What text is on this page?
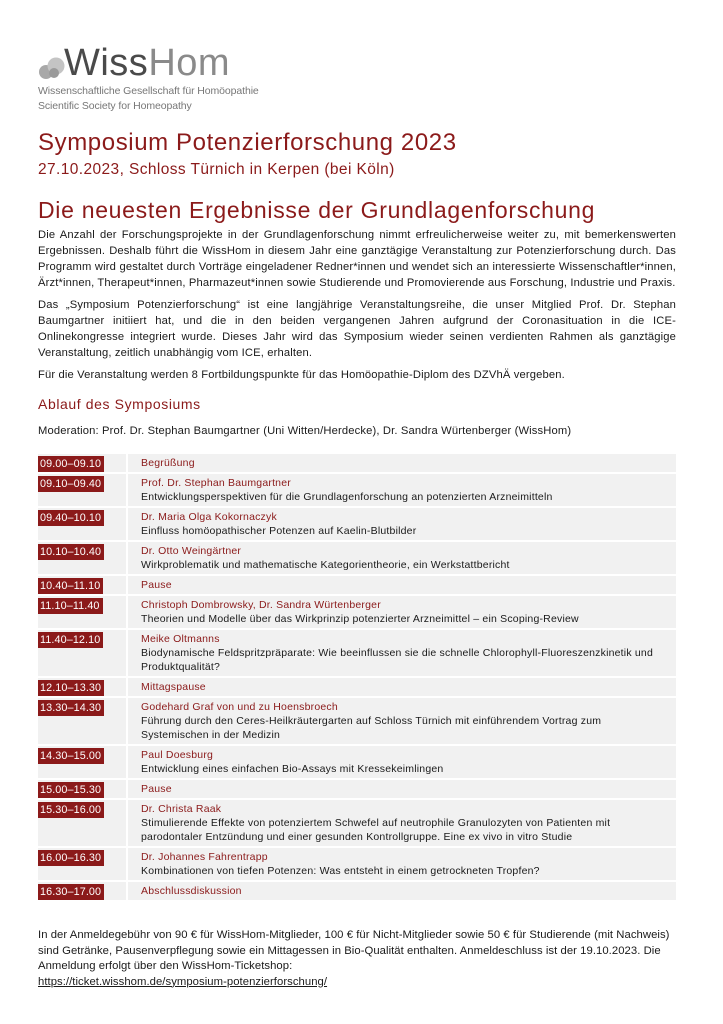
WissHom
Wissenschaftliche Gesellschaft für Homöopathie
Scientific Society for Homeopathy
Symposium Potenzierforschung 2023
27.10.2023, Schloss Türnich in Kerpen (bei Köln)
Die neuesten Ergebnisse der Grundlagenforschung

Die Anzahl der Forschungsprojekte in der Grundlagenforschung nimmt erfreulicherweise weiter zu, mit bemerkenswerten Ergebnissen. Deshalb führt die WissHom in diesem Jahr eine ganztägige Veranstaltung zur Potenzierforschung durch. Das Programm wird gestaltet durch Vorträge eingeladener Redner*innen und wendet sich an interessierte Wissenschaftler*innen, Ärzt*innen, Therapeut*innen, Pharmazeut*innen sowie Studierende und Promovierende aus Forschung, Industrie und Praxis.

Das „Symposium Potenzierforschung“ ist eine langjährige Veranstaltungsreihe, die unser Mitglied Prof. Dr. Stephan Baumgartner initiiert hat, und die in den beiden vergangenen Jahren aufgrund der Coronasituation in die ICE-Onlinekongresse integriert wurde. Dieses Jahr wird das Symposium wieder seinen verdienten Rahmen als ganztägige Veranstaltung, zeitlich unabhängig vom ICE, erhalten.

Für die Veranstaltung werden 8 Fortbildungspunkte für das Homöopathie-Diplom des DZVhÄ vergeben.

Ablauf des Symposiums
Moderation: Prof. Dr. Stephan Baumgartner (Uni Witten/Herdecke), Dr. Sandra Würtenberger (WissHom)
09.00–09.10	Begrüßung
09.10–09.40	Prof. Dr. Stephan Baumgartner
Entwicklungsperspektiven für die Grundlagenforschung an potenzierten Arzneimitteln
09.40–10.10	Dr. Maria Olga Kokornaczyk
Einfluss homöopathischer Potenzen auf Kaelin-Blutbilder
10.10–10.40	Dr. Otto Weingärtner
Wirkproblematik und mathematische Kategorientheorie, ein Werkstattbericht
10.40–11.10	Pause
11.10–11.40	Christoph Dombrowsky, Dr. Sandra Würtenberger
Theorien und Modelle über das Wirkprinzip potenzierter Arzneimittel – ein Scoping-Review
11.40–12.10	Meike Oltmanns
Biodynamische Feldspritzpräparate: Wie beeinflussen sie die schnelle Chlorophyll-Fluoreszenzkinetik und Produktqualität?
12.10–13.30	Mittagspause
13.30–14.30	Godehard Graf von und zu Hoensbroech
Führung durch den Ceres-Heilkräutergarten auf Schloss Türnich mit einführendem Vortrag zum Systemischen in der Medizin
14.30–15.00	Paul Doesburg
Entwicklung eines einfachen Bio-Assays mit Kressekeimlingen
15.00–15.30	Pause
15.30–16.00	Dr. Christa Raak
Stimulierende Effekte von potenziertem Schwefel auf neutrophile Granulozyten von Patienten mit parodontaler Entzündung und einer gesunden Kontrollgruppe. Eine ex vivo in vitro Studie
16.00–16.30	Dr. Johannes Fahrentrapp
Kombinationen von tiefen Potenzen: Was entsteht in einem getrockneten Tropfen?
16.30–17.00	Abschlussdiskussion
In der Anmeldegebühr von 90 € für WissHom-Mitglieder, 100 € für Nicht-Mitglieder sowie 50 € für Studierende (mit Nachweis) sind Getränke, Pausenverpflegung sowie ein Mittagessen in Bio-Qualität enthalten. Anmeldeschluss ist der 19.10.2023. Die Anmeldung erfolgt über den WissHom-Ticketshop:
https://ticket.wisshom.de/symposium-potenzierforschung/
